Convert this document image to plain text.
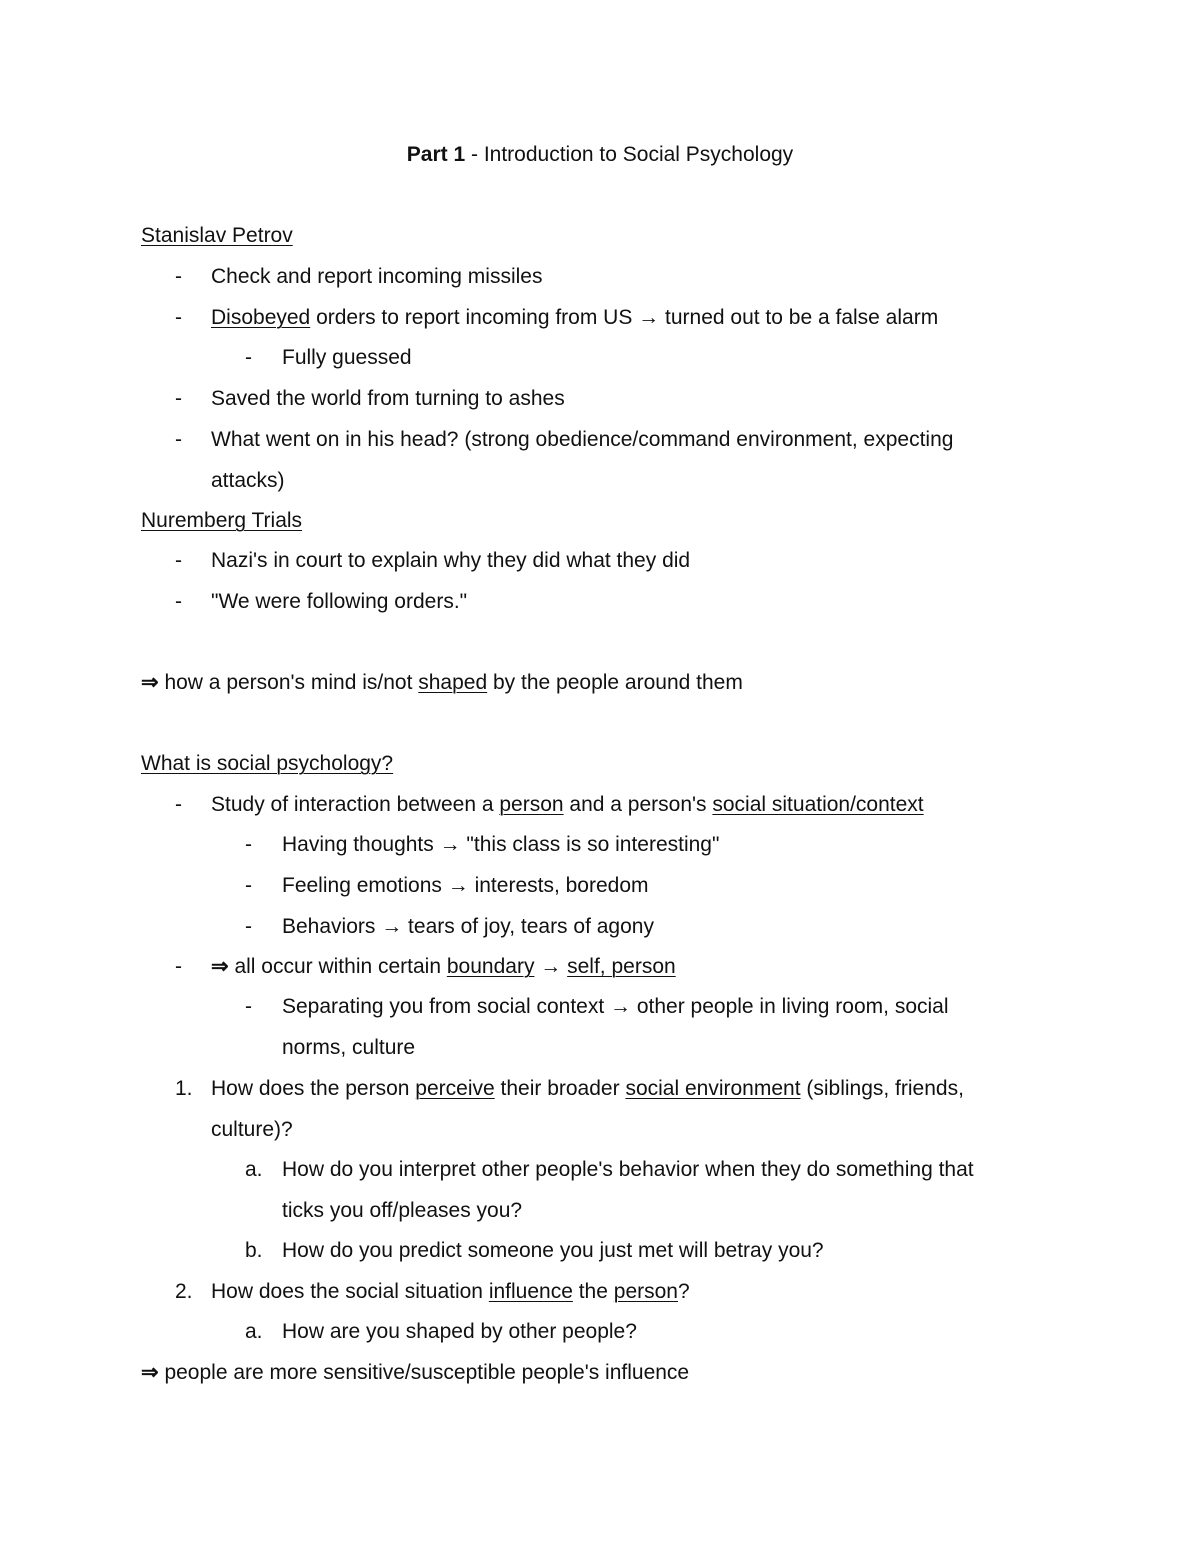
Part 1 - Introduction to Social Psychology
Stanislav Petrov
- Check and report incoming missiles
- Disobeyed orders to report incoming from US → turned out to be a false alarm
- Fully guessed
- Saved the world from turning to ashes
- What went on in his head? (strong obedience/command environment, expecting
attacks)
Nuremberg Trials
- Nazi's in court to explain why they did what they did
- "We were following orders."
⇒ how a person's mind is/not shaped by the people around them
What is social psychology?
- Study of interaction between a person and a person's social situation/context
- Having thoughts → "this class is so interesting"
- Feeling emotions → interests, boredom
- Behaviors → tears of joy, tears of agony
- ⇒ all occur within certain boundary → self, person
- Separating you from social context → other people in living room, social
norms, culture
1. How does the person perceive their broader social environment (siblings, friends,
culture)?
a. How do you interpret other people's behavior when they do something that
ticks you off/pleases you?
b. How do you predict someone you just met will betray you?
2. How does the social situation influence the person?
a. How are you shaped by other people?
⇒ people are more sensitive/susceptible people's influence
